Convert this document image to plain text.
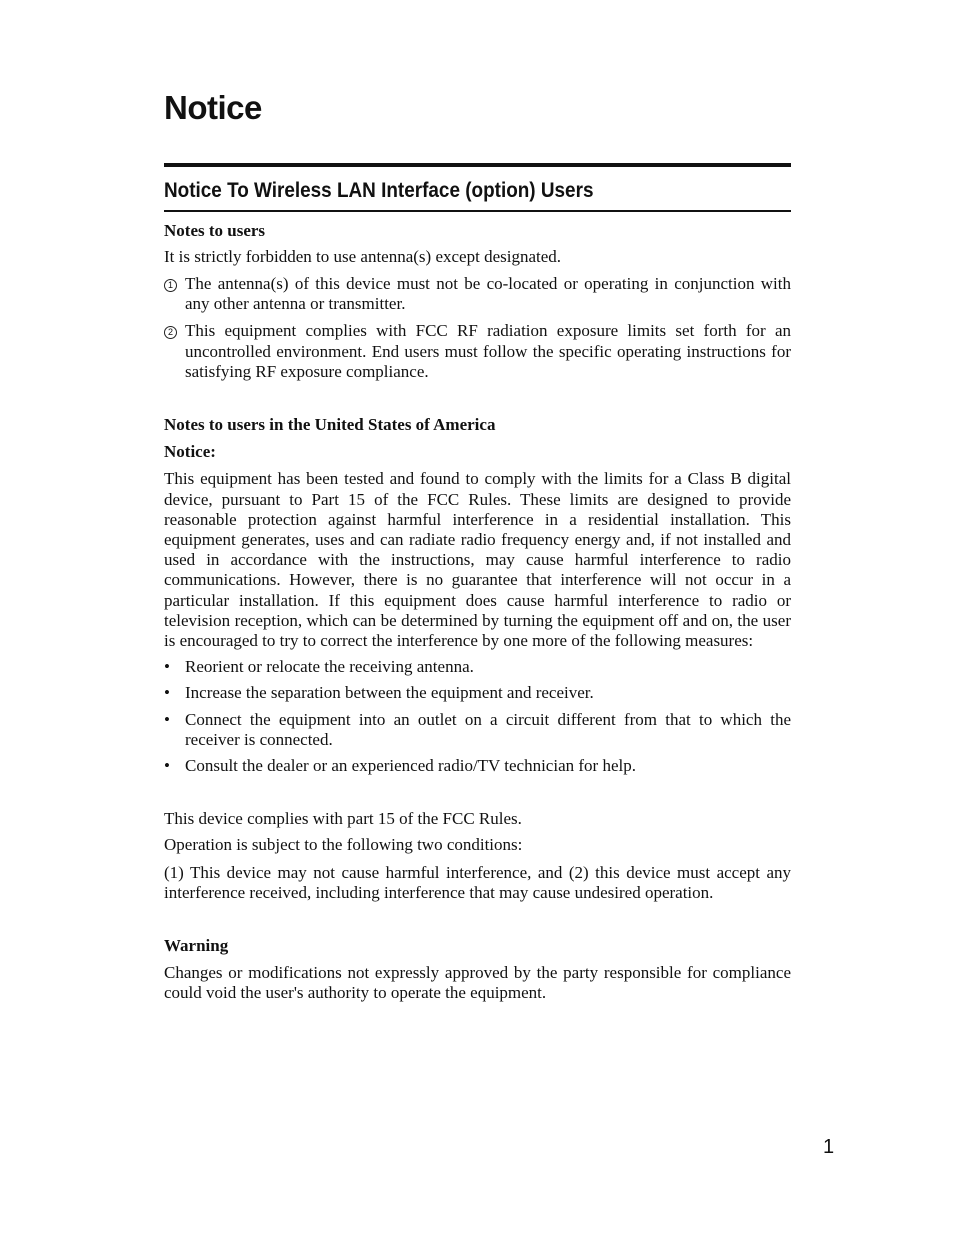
Notice
Notice To Wireless LAN Interface (option) Users

Notes to users

It is strictly forbidden to use antenna(s) except designated.

1 The antenna(s) of this device must not be co-located or operating in conjunction with any other antenna or transmitter.
2 This equipment complies with FCC RF radiation exposure limits set forth for an uncontrolled environment. End users must follow the specific operating instructions for satisfying RF exposure compliance.

Notes to users in the United States of America

Notice:

This equipment has been tested and found to comply with the limits for a Class B digital device, pursuant to Part 15 of the FCC Rules. These limits are designed to provide reasonable protection against harmful interference in a residential installation. This equipment generates, uses and can radiate radio frequency energy and, if not installed and used in accordance with the instructions, may cause harmful interference to radio communications. However, there is no guarantee that interference will not occur in a particular installation. If this equipment does cause harmful interference to radio or television reception, which can be determined by turning the equipment off and on, the user is encouraged to try to correct the interference by one more of the following measures:

• Reorient or relocate the receiving antenna.
• Increase the separation between the equipment and receiver.
• Connect the equipment into an outlet on a circuit different from that to which the receiver is connected.
• Consult the dealer or an experienced radio/TV technician for help.

This device complies with part 15 of the FCC Rules.

Operation is subject to the following two conditions:

(1) This device may not cause harmful interference, and (2) this device must accept any interference received, including interference that may cause undesired operation.

Warning

Changes or modifications not expressly approved by the party responsible for compliance could void the user's authority to operate the equipment.

1
